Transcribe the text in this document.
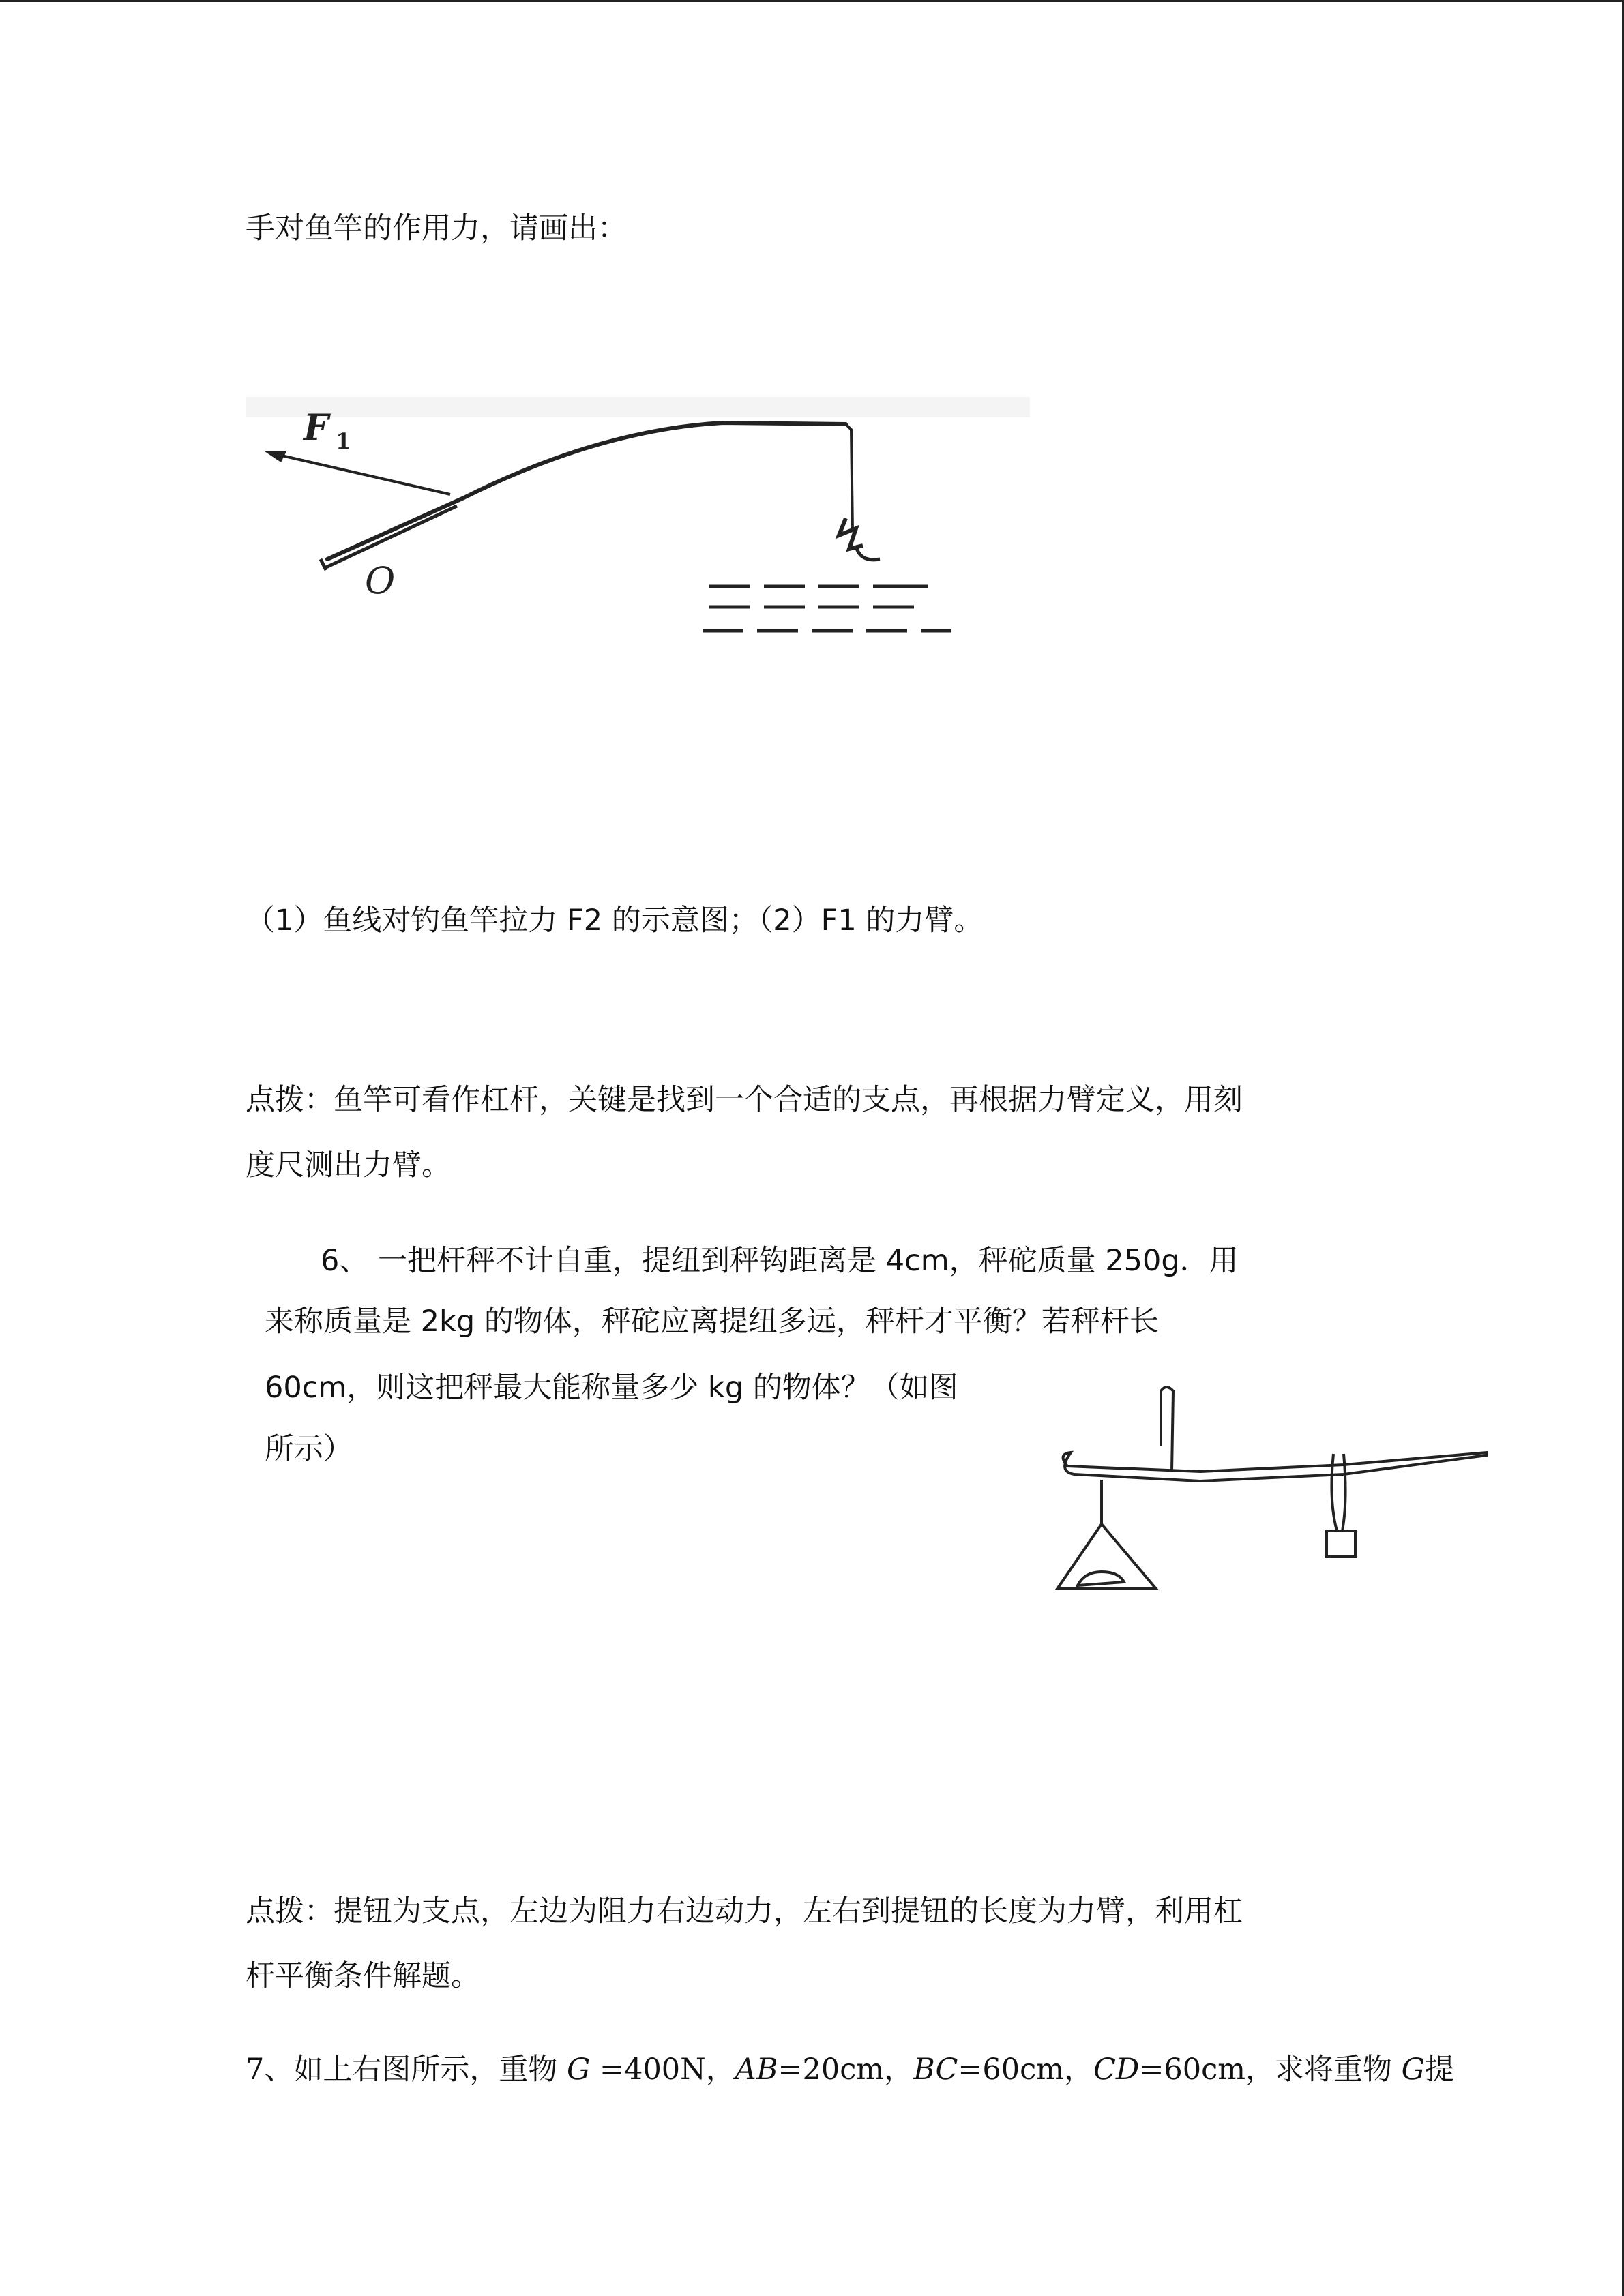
手对鱼竿的作用力，请画出：
F 1
O
（1）鱼线对钓鱼竿拉力 F2 的示意图；（2）F1 的力臂。
点拨：鱼竿可看作杠杆，关键是找到一个合适的支点，再根据力臂定义，用刻
度尺测出力臂。
6、 一把杆秤不计自重，提纽到秤钩距离是 4cm，秤砣质量 250g．用
来称质量是 2kg 的物体，秤砣应离提纽多远，秤杆才平衡？若秤杆长
60cm，则这把秤最大能称量多少 kg 的物体？（如图
所示）
点拨：提钮为支点，左边为阻力右边动力，左右到提钮的长度为力臂，利用杠
杆平衡条件解题。
7、如上右图所示，重物 G =400N，AB=20cm，BC=60cm，CD=60cm，求将重物 G提
